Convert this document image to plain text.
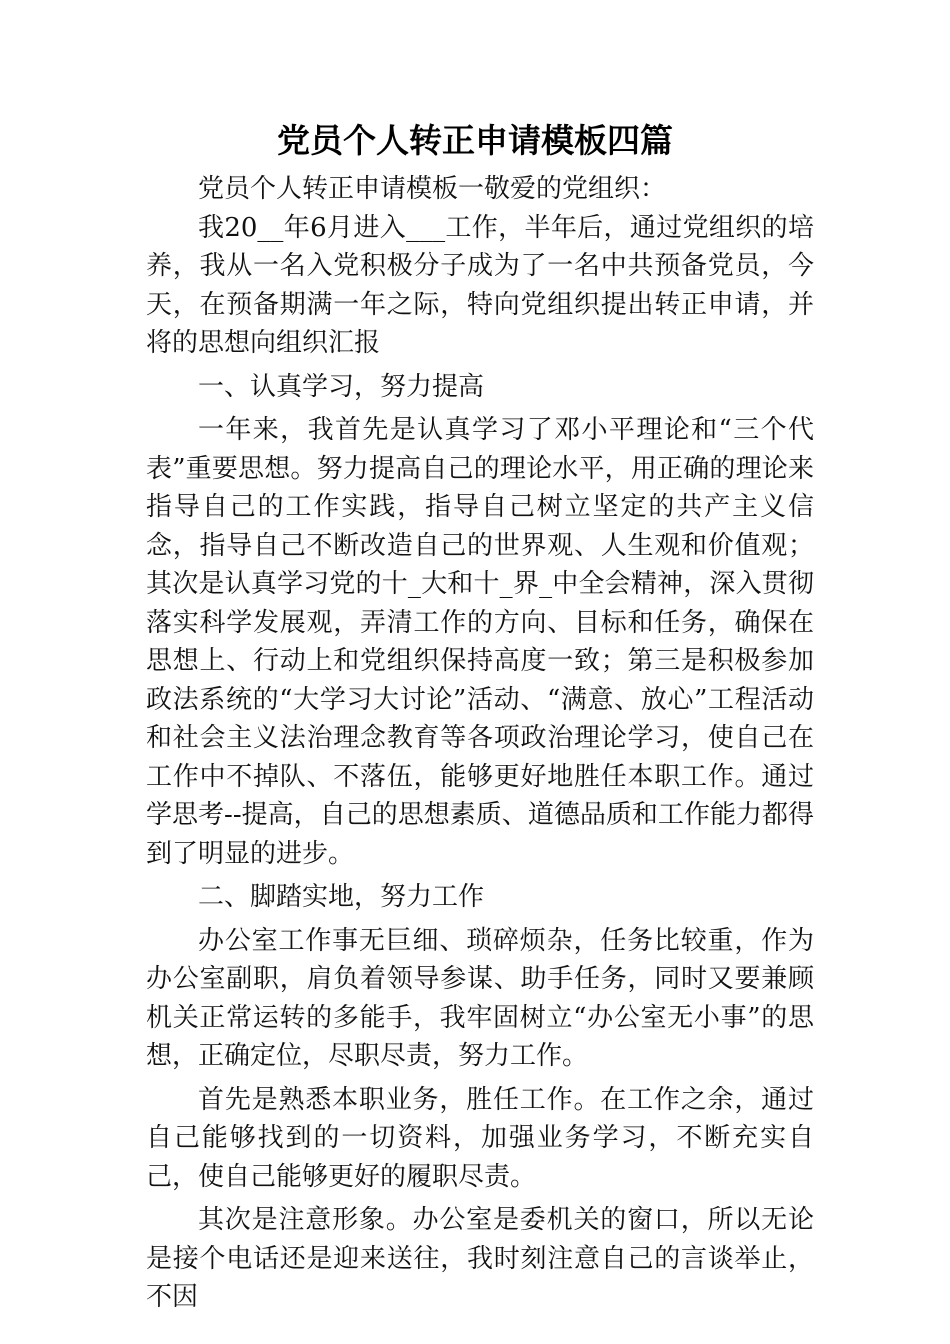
党员个人转正申请模板四篇

党员个人转正申请模板一敬爱的党组织：

我20__年6月进入___工作，半年后，通过党组织的培养，我从一名入党积极分子成为了一名中共预备党员，今天，在预备期满一年之际，特向党组织提出转正申请，并将的思想向组织汇报

一、认真学习，努力提高

一年来，我首先是认真学习了邓小平理论和“三个代表”重要思想。努力提高自己的理论水平，用正确的理论来指导自己的工作实践，指导自己树立坚定的共产主义信念，指导自己不断改造自己的世界观、人生观和价值观；其次是认真学习党的十_大和十_界_中全会精神，深入贯彻落实科学发展观，弄清工作的方向、目标和任务，确保在思想上、行动上和党组织保持高度一致；第三是积极参加政法系统的“大学习大讨论”活动、“满意、放心”工程活动和社会主义法治理念教育等各项政治理论学习，使自己在工作中不掉队、不落伍，能够更好地胜任本职工作。通过学思考--提高，自己的思想素质、道德品质和工作能力都得到了明显的进步。

二、脚踏实地，努力工作

办公室工作事无巨细、琐碎烦杂，任务比较重，作为办公室副职，肩负着领导参谋、助手任务，同时又要兼顾机关正常运转的多能手，我牢固树立“办公室无小事”的思想，正确定位，尽职尽责，努力工作。

首先是熟悉本职业务，胜任工作。在工作之余，通过自己能够找到的一切资料，加强业务学习，不断充实自己，使自己能够更好的履职尽责。

其次是注意形象。办公室是委机关的窗口，所以无论是接个电话还是迎来送往，我时刻注意自己的言谈举止，不因
